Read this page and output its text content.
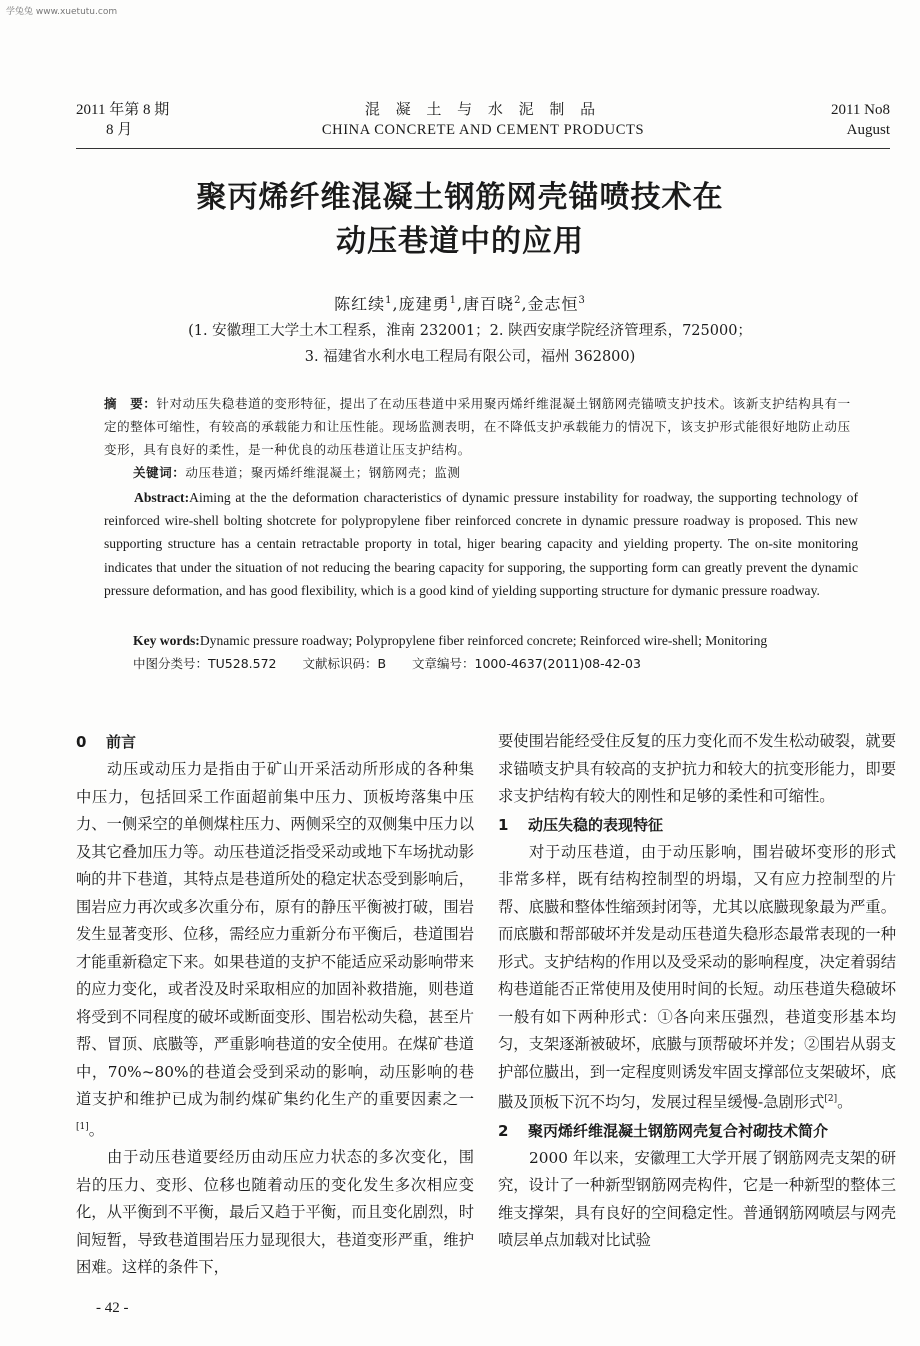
学兔兔 www.xuetutu.com
2011 年第 8 期
8 月
混 凝 土 与 水 泥 制 品
CHINA CONCRETE AND CEMENT PRODUCTS
2011 No8
August
聚丙烯纤维混凝土钢筋网壳锚喷技术在
动压巷道中的应用
陈红续$^1$,庞建勇$^1$,唐百晓$^2$,金志恒$^3$
(1. 安徽理工大学土木工程系，淮南 232001；2. 陕西安康学院经济管理系，725000；
3. 福建省水利水电工程局有限公司，福州 362800)
摘　要：针对动压失稳巷道的变形特征，提出了在动压巷道中采用聚丙烯纤维混凝土钢筋网壳锚喷支护技术。该新支护结构具有一定的整体可缩性，有较高的承载能力和让压性能。现场监测表明，在不降低支护承载能力的情况下，该支护形式能很好地防止动压变形，具有良好的柔性，是一种优良的动压巷道让压支护结构。
关键词：动压巷道；聚丙烯纤维混凝土；钢筋网壳；监测
Abstract:Aiming at the the deformation characteristics of dynamic pressure instability for roadway, the supporting technology of reinforced wire-shell bolting shotcrete for polypropylene fiber reinforced concrete in dynamic pressure roadway is proposed. This new supporting structure has a centain retractable proporty in total, higer bearing capacity and yielding property. The on-site monitoring indicates that under the situation of not reducing the bearing capacity for supporing, the supporting form can greatly prevent the dynamic pressure deformation, and has good flexibility, which is a good kind of yielding supporting structure for dymanic pressure roadway.
Key words:Dynamic pressure roadway; Polypropylene fiber reinforced concrete; Reinforced wire-shell; Monitoring
中图分类号：TU528.572 文献标识码：B 文章编号：1000-4637(2011)08-42-03
0 前言

动压或动压力是指由于矿山开采活动所形成的各种集中压力，包括回采工作面超前集中压力、顶板垮落集中压力、一侧采空的单侧煤柱压力、两侧采空的双侧集中压力以及其它叠加压力等。动压巷道泛指受采动或地下车场扰动影响的井下巷道，其特点是巷道所处的稳定状态受到影响后，围岩应力再次或多次重分布，原有的静压平衡被打破，围岩发生显著变形、位移，需经应力重新分布平衡后，巷道围岩才能重新稳定下来。如果巷道的支护不能适应采动影响带来的应力变化，或者没及时采取相应的加固补救措施，则巷道将受到不同程度的破坏或断面变形、围岩松动失稳，甚至片帮、冒顶、底臌等，严重影响巷道的安全使用。在煤矿巷道中，70%~80%的巷道会受到采动的影响，动压影响的巷道支护和维护已成为制约煤矿集约化生产的重要因素之一[1]。

由于动压巷道要经历由动压应力状态的多次变化，围岩的压力、变形、位移也随着动压的变化发生多次相应变化，从平衡到不平衡，最后又趋于平衡，而且变化剧烈，时间短暂，导致巷道围岩压力显现很大，巷道变形严重，维护困难。这样的条件下，

要使围岩能经受住反复的压力变化而不发生松动破裂，就要求锚喷支护具有较高的支护抗力和较大的抗变形能力，即要求支护结构有较大的刚性和足够的柔性和可缩性。

1 动压失稳的表现特征

对于动压巷道，由于动压影响，围岩破坏变形的形式非常多样，既有结构控制型的坍塌，又有应力控制型的片帮、底臌和整体性缩颈封闭等，尤其以底臌现象最为严重。而底臌和帮部破坏并发是动压巷道失稳形态最常表现的一种形式。支护结构的作用以及受采动的影响程度，决定着弱结构巷道能否正常使用及使用时间的长短。动压巷道失稳破坏一般有如下两种形式：①各向来压强烈，巷道变形基本均匀，支架逐渐被破坏，底臌与顶帮破坏并发；②围岩从弱支护部位臌出，到一定程度则诱发牢固支撑部位支架破坏，底臌及顶板下沉不均匀，发展过程呈缓慢-急剧形式[2]。

2 聚丙烯纤维混凝土钢筋网壳复合衬砌技术简介

2000 年以来，安徽理工大学开展了钢筋网壳支架的研究，设计了一种新型钢筋网壳构件，它是一种新型的整体三维支撑架，具有良好的空间稳定性。普通钢筋网喷层与网壳喷层单点加载对比试验

- 42 -
